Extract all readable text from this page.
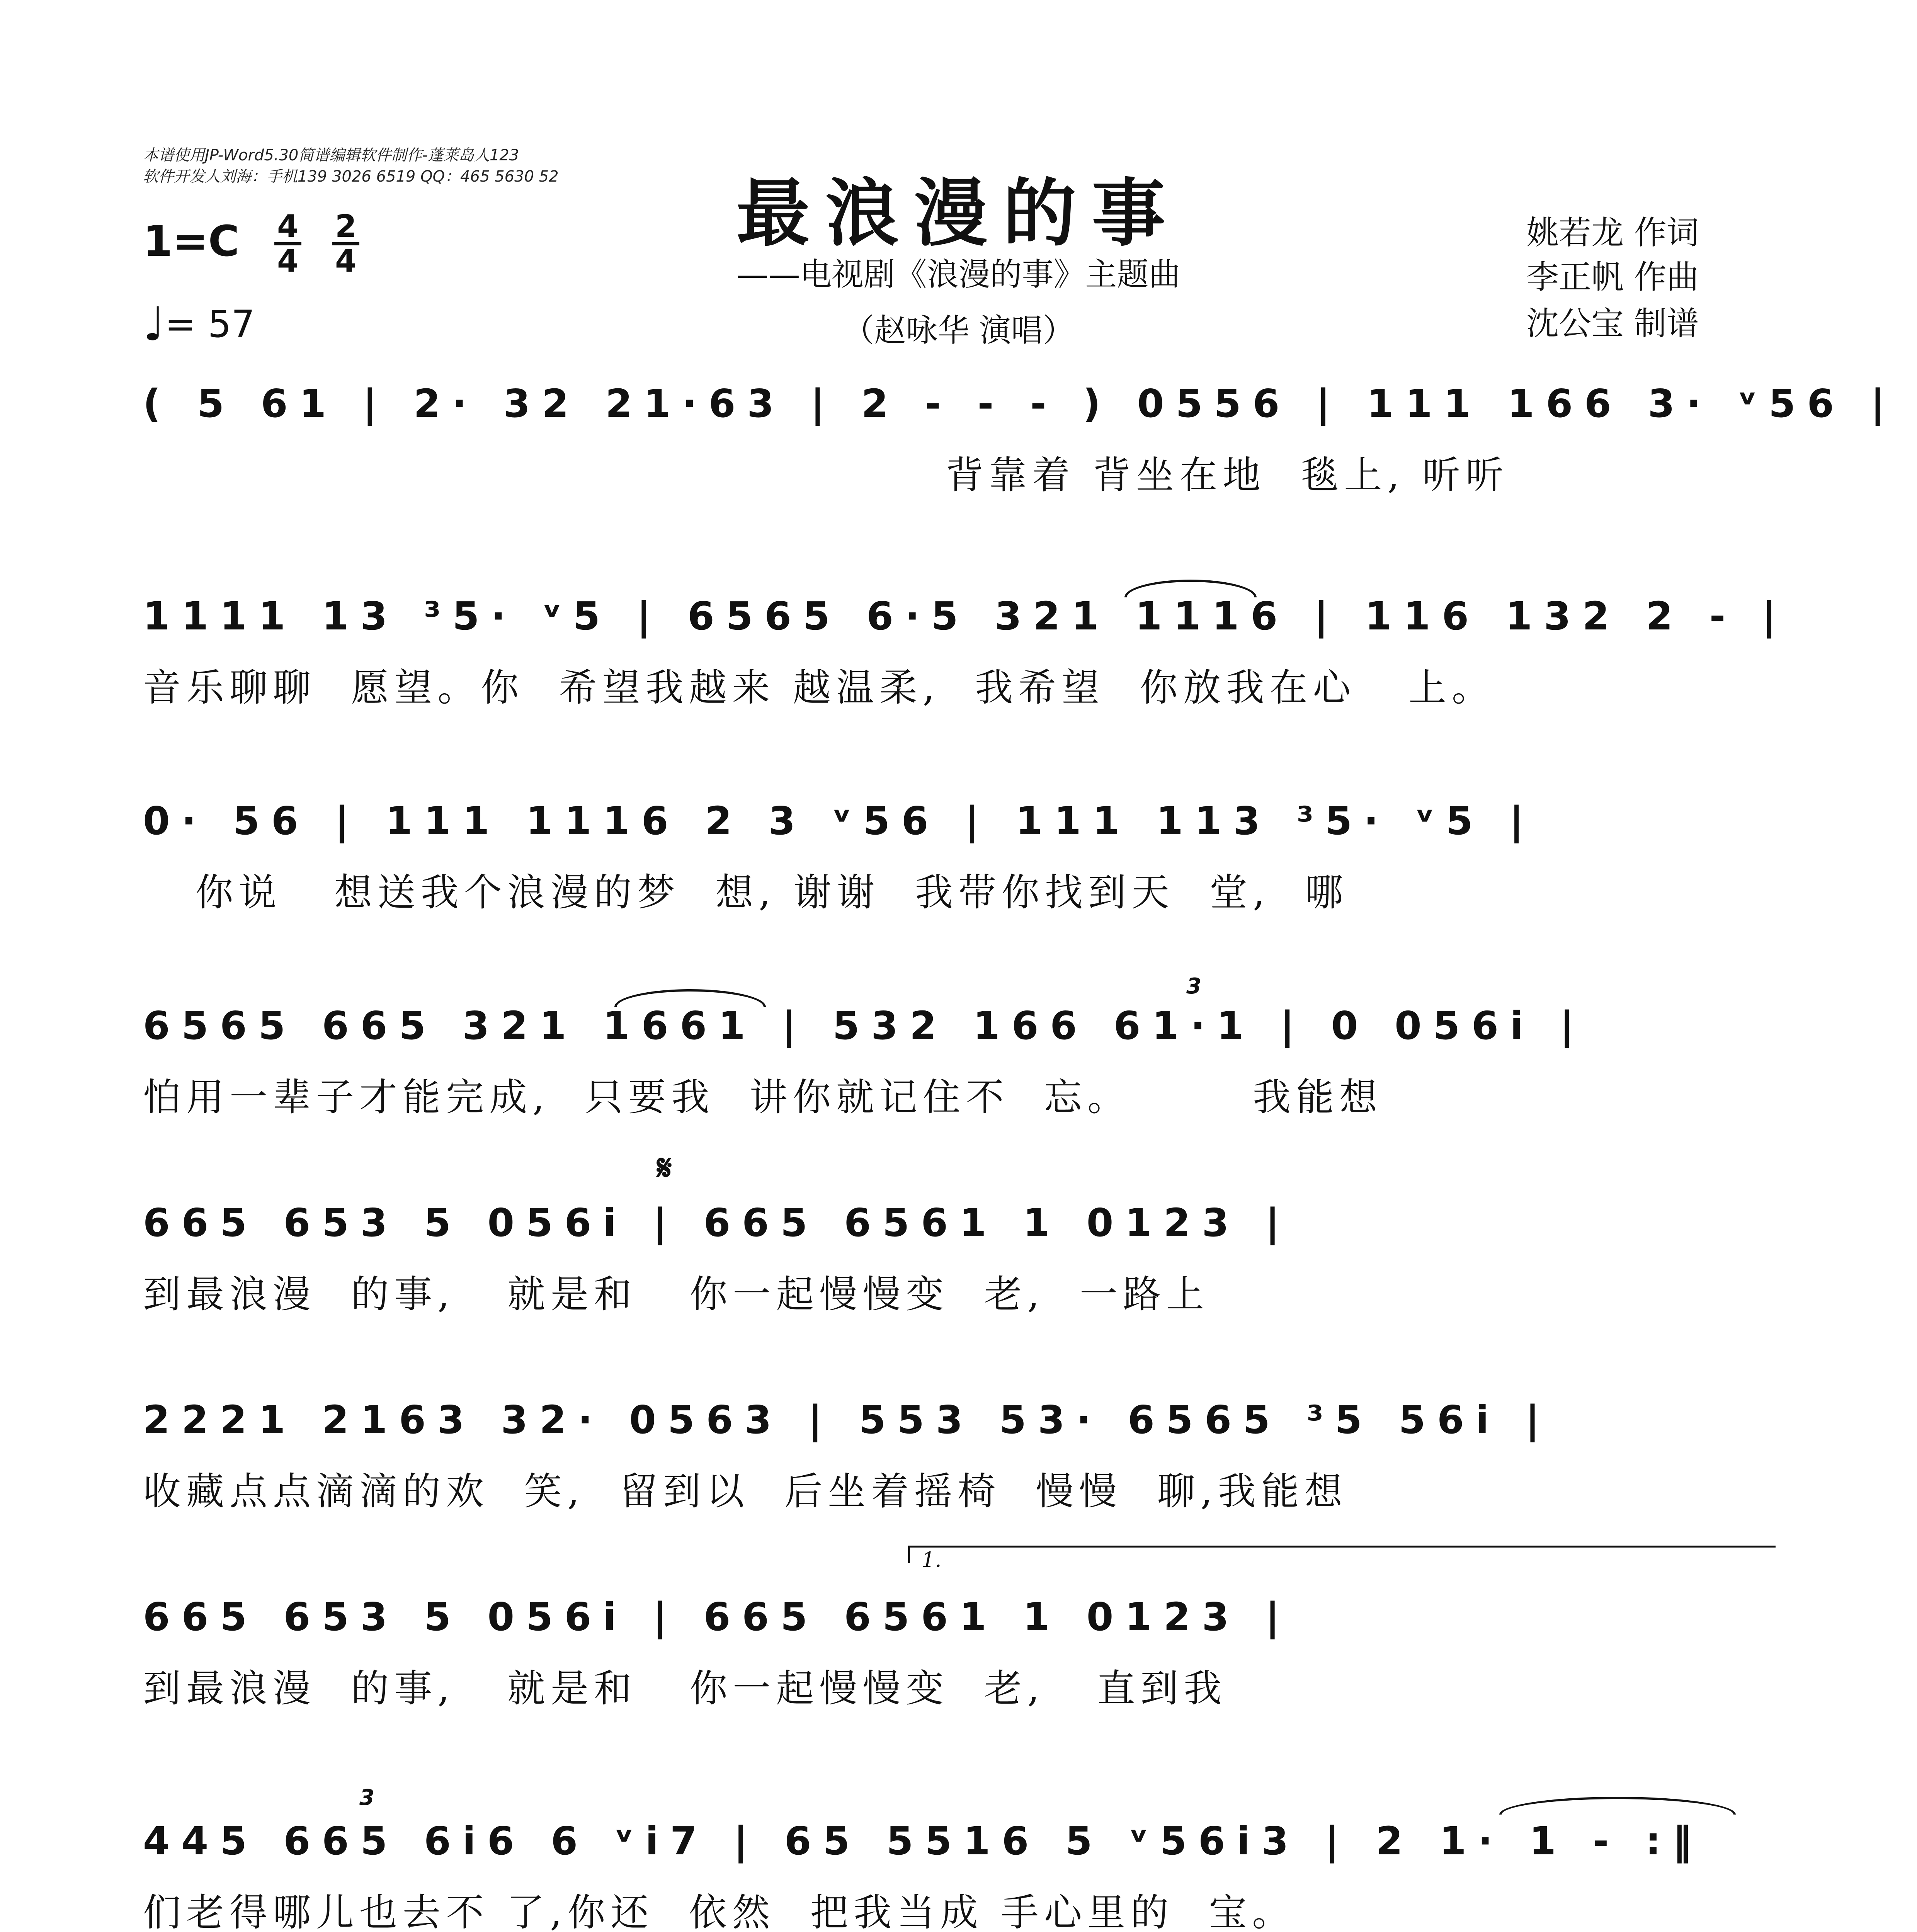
本谱使用JP-Word5.30简谱编辑软件制作-蓬莱岛人123
软件开发人刘海：手机139 3026 6519 QQ：465 5630 52	最浪漫的事
——电视剧《浪漫的事》主题曲
（赵咏华 演唱）
$1=C \frac{4}{4} \frac{2}{4}$
♩= 57
姚若龙 作词
李正帆 作曲
沈公宝 制谱
( 5 61 | 2· 32 21·63 | 2 - - - ) 0556 | 111 166 3· ᵛ56 |
背靠着 背坐在地  毯上, 听听
1111 13 ³5· ᵛ5 | 6565 6·5 321 1116 | 116 132 2 - |
音乐聊聊  愿望。你  希望我越来 越温柔,  我希望  你放我在心   上。
0· 56 | 111 1116 2 3 ᵛ56 | 111 113 ³5· ᵛ5 |
你说   想送我个浪漫的梦  想, 谢谢  我带你找到天  堂,  哪
3
6565 665 321 1661 | 532 166 61·1 | 0 056i |
怕用一辈子才能完成,  只要我  讲你就记住不  忘。       我能想
𝄋
665 653 5 056i | 665 6561 1 0123 |
到最浪漫  的事,   就是和   你一起慢慢变  老,  一路上
2221 2163 32· 0563 | 553 53· 6565 ³5 56i |
收藏点点滴滴的欢  笑,  留到以  后坐着摇椅  慢慢  聊,我能想
1.
665 653 5 056i | 665 6561 1 0123 |
到最浪漫  的事,   就是和   你一起慢慢变  老,   直到我
3
445 665 6i6 6 ᵛi7 | 65 5516 5 ᵛ56i3 | 2 1· 1 - :‖
们老得哪儿也去不 了,你还  依然  把我当成 手心里的  宝。
